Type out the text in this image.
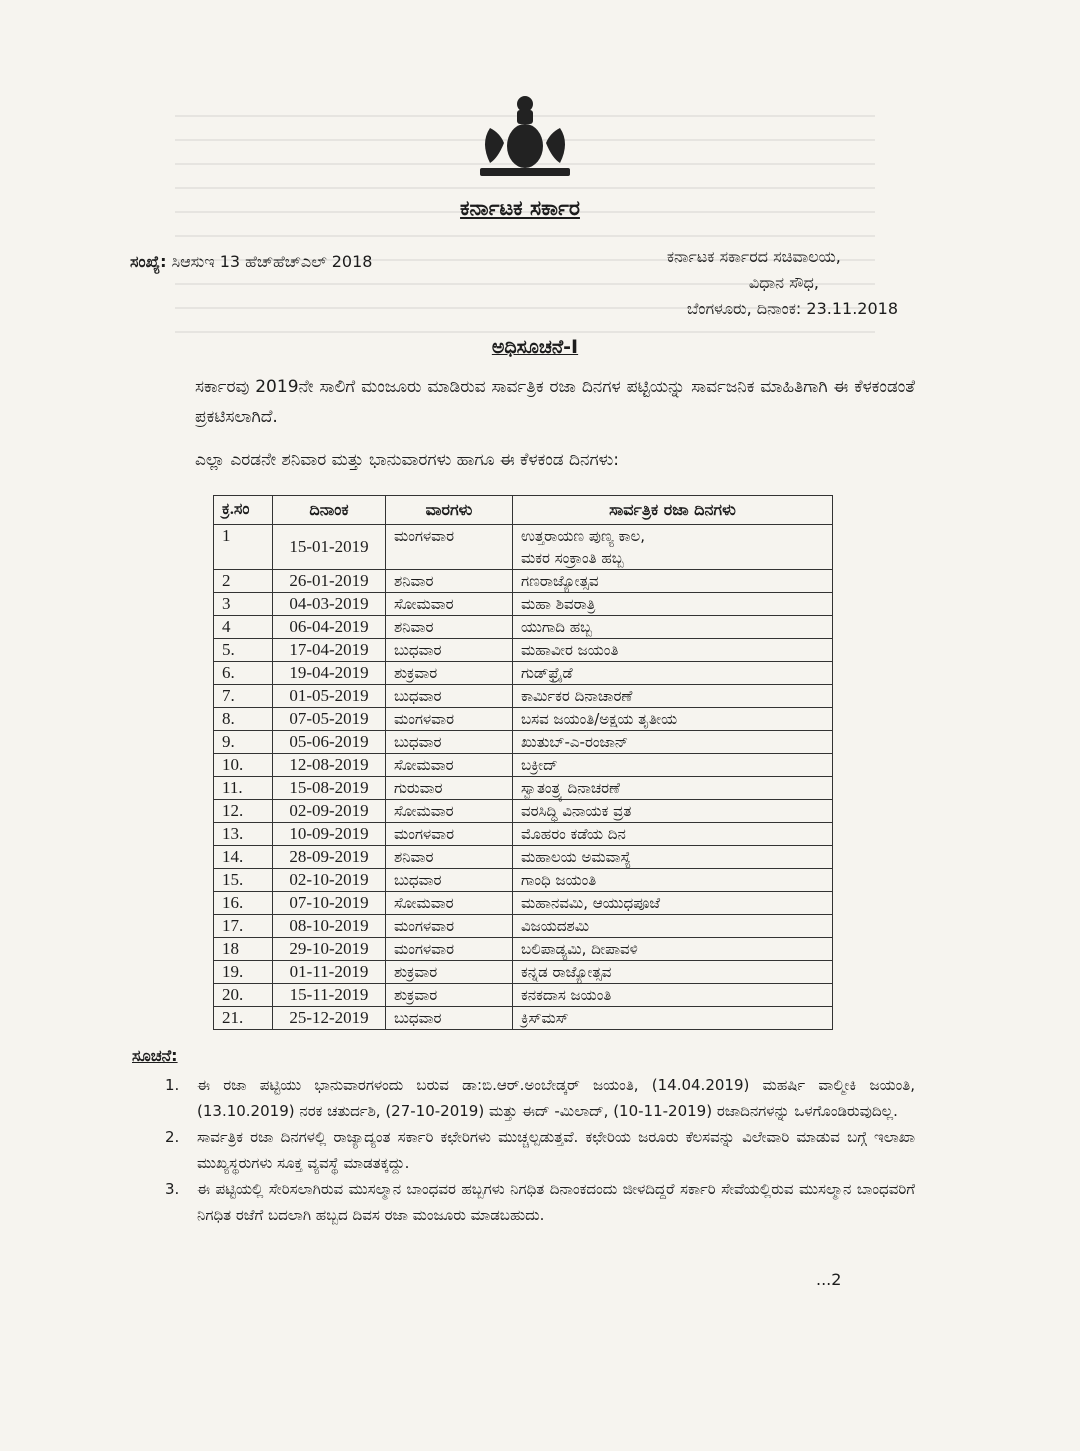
ಕರ್ನಾಟಕ ಸರ್ಕಾರ
ಸಂಖ್ಯೆ: ಸಿಆಸುಇ 13 ಹೆಚ್‌ಹೆಚ್‌ಎಲ್ 2018	ಕರ್ನಾಟಕ ಸರ್ಕಾರದ ಸಚಿವಾಲಯ,
ವಿಧಾನ ಸೌಧ,
ಬೆಂಗಳೂರು, ದಿನಾಂಕ: 23.11.2018
ಅಧಿಸೂಚನೆ-I
ಸರ್ಕಾರವು 2019ನೇ ಸಾಲಿಗೆ ಮಂಜೂರು ಮಾಡಿರುವ ಸಾರ್ವತ್ರಿಕ ರಜಾ ದಿನಗಳ ಪಟ್ಟಿಯನ್ನು ಸಾರ್ವಜನಿಕ ಮಾಹಿತಿಗಾಗಿ ಈ ಕೆಳಕಂಡಂತೆ ಪ್ರಕಟಿಸಲಾಗಿದೆ.
ಎಲ್ಲಾ ಎರಡನೇ ಶನಿವಾರ ಮತ್ತು ಭಾನುವಾರಗಳು ಹಾಗೂ ಈ ಕೆಳಕಂಡ ದಿನಗಳು:
ಕ್ರ.ಸಂ	ದಿನಾಂಕ	ವಾರಗಳು	ಸಾರ್ವತ್ರಿಕ ರಜಾ ದಿನಗಳು
1	15-01-2019	ಮಂಗಳವಾರ	ಉತ್ತರಾಯಣ ಪುಣ್ಯ ಕಾಲ,
ಮಕರ ಸಂಕ್ರಾಂತಿ ಹಬ್ಬ

2	26-01-2019	ಶನಿವಾರ	ಗಣರಾಜ್ಯೋತ್ಸವ
3	04-03-2019	ಸೋಮವಾರ	ಮಹಾ ಶಿವರಾತ್ರಿ
4	06-04-2019	ಶನಿವಾರ	ಯುಗಾದಿ ಹಬ್ಬ
5.	17-04-2019	ಬುಧವಾರ	ಮಹಾವೀರ ಜಯಂತಿ
6.	19-04-2019	ಶುಕ್ರವಾರ	ಗುಡ್‌ಫ್ರೈಡೆ
7.	01-05-2019	ಬುಧವಾರ	ಕಾರ್ಮಿಕರ ದಿನಾಚಾರಣೆ
8.	07-05-2019	ಮಂಗಳವಾರ	ಬಸವ ಜಯಂತಿ/ಅಕ್ಷಯ ತೃತೀಯ
9.	05-06-2019	ಬುಧವಾರ	ಖುತುಬ್-ಎ-ರಂಜಾನ್
10.	12-08-2019	ಸೋಮವಾರ	ಬಕ್ರೀದ್
11.	15-08-2019	ಗುರುವಾರ	ಸ್ವಾತಂತ್ರ್ಯ ದಿನಾಚರಣೆ
12.	02-09-2019	ಸೋಮವಾರ	ವರಸಿದ್ಧಿ ವಿನಾಯಕ ವ್ರತ
13.	10-09-2019	ಮಂಗಳವಾರ	ಮೊಹರಂ ಕಡೆಯ ದಿನ
14.	28-09-2019	ಶನಿವಾರ	ಮಹಾಲಯ ಅಮವಾಸ್ಯೆ
15.	02-10-2019	ಬುಧವಾರ	ಗಾಂಧಿ ಜಯಂತಿ
16.	07-10-2019	ಸೋಮವಾರ	ಮಹಾನವಮಿ, ಆಯುಧಪೂಜೆ
17.	08-10-2019	ಮಂಗಳವಾರ	ವಿಜಯದಶಮಿ
18	29-10-2019	ಮಂಗಳವಾರ	ಬಲಿಪಾಡ್ಯಮಿ, ದೀಪಾವಳಿ
19.	01-11-2019	ಶುಕ್ರವಾರ	ಕನ್ನಡ ರಾಜ್ಯೋತ್ಸವ
20.	15-11-2019	ಶುಕ್ರವಾರ	ಕನಕದಾಸ ಜಯಂತಿ
21.	25-12-2019	ಬುಧವಾರ	ಕ್ರಿಸ್‌ಮಸ್
ಸೂಚನೆ:
1. ಈ ರಜಾ ಪಟ್ಟಿಯು ಭಾನುವಾರಗಳಂದು ಬರುವ ಡಾ:ಬಿ.ಆರ್.ಅಂಬೇಡ್ಕರ್ ಜಯಂತಿ, (14.04.2019) ಮಹರ್ಷಿ ವಾಲ್ಮೀಕಿ ಜಯಂತಿ, (13.10.2019) ನರಕ ಚತುರ್ದಶಿ, (27-10-2019) ಮತ್ತು ಈದ್ -ಮಿಲಾದ್, (10-11-2019) ರಜಾದಿನಗಳನ್ನು ಒಳಗೊಂಡಿರುವುದಿಲ್ಲ.
2. ಸಾರ್ವತ್ರಿಕ ರಜಾ ದಿನಗಳಲ್ಲಿ ರಾಜ್ಯಾದ್ಯಂತ ಸರ್ಕಾರಿ ಕಛೇರಿಗಳು ಮುಚ್ಚಲ್ಪಡುತ್ತವೆ. ಕಛೇರಿಯ ಜರೂರು ಕೆಲಸವನ್ನು ವಿಲೇವಾರಿ ಮಾಡುವ ಬಗ್ಗೆ ಇಲಾಖಾ ಮುಖ್ಯಸ್ಥರುಗಳು ಸೂಕ್ತ ವ್ಯವಸ್ಥೆ ಮಾಡತಕ್ಕದ್ದು.
3. ಈ ಪಟ್ಟಿಯಲ್ಲಿ ಸೇರಿಸಲಾಗಿರುವ ಮುಸಲ್ಮಾನ ಬಾಂಧವರ ಹಬ್ಬಗಳು ನಿಗಧಿತ ದಿನಾಂಕದಂದು ಜೀಳದಿದ್ದರೆ ಸರ್ಕಾರಿ ಸೇವೆಯಲ್ಲಿರುವ ಮುಸಲ್ಮಾನ ಬಾಂಧವರಿಗೆ ನಿಗಧಿತ ರಜೆಗೆ ಬದಲಾಗಿ ಹಬ್ಬದ ದಿವಸ ರಜಾ ಮಂಜೂರು ಮಾಡಬಹುದು.
...2
